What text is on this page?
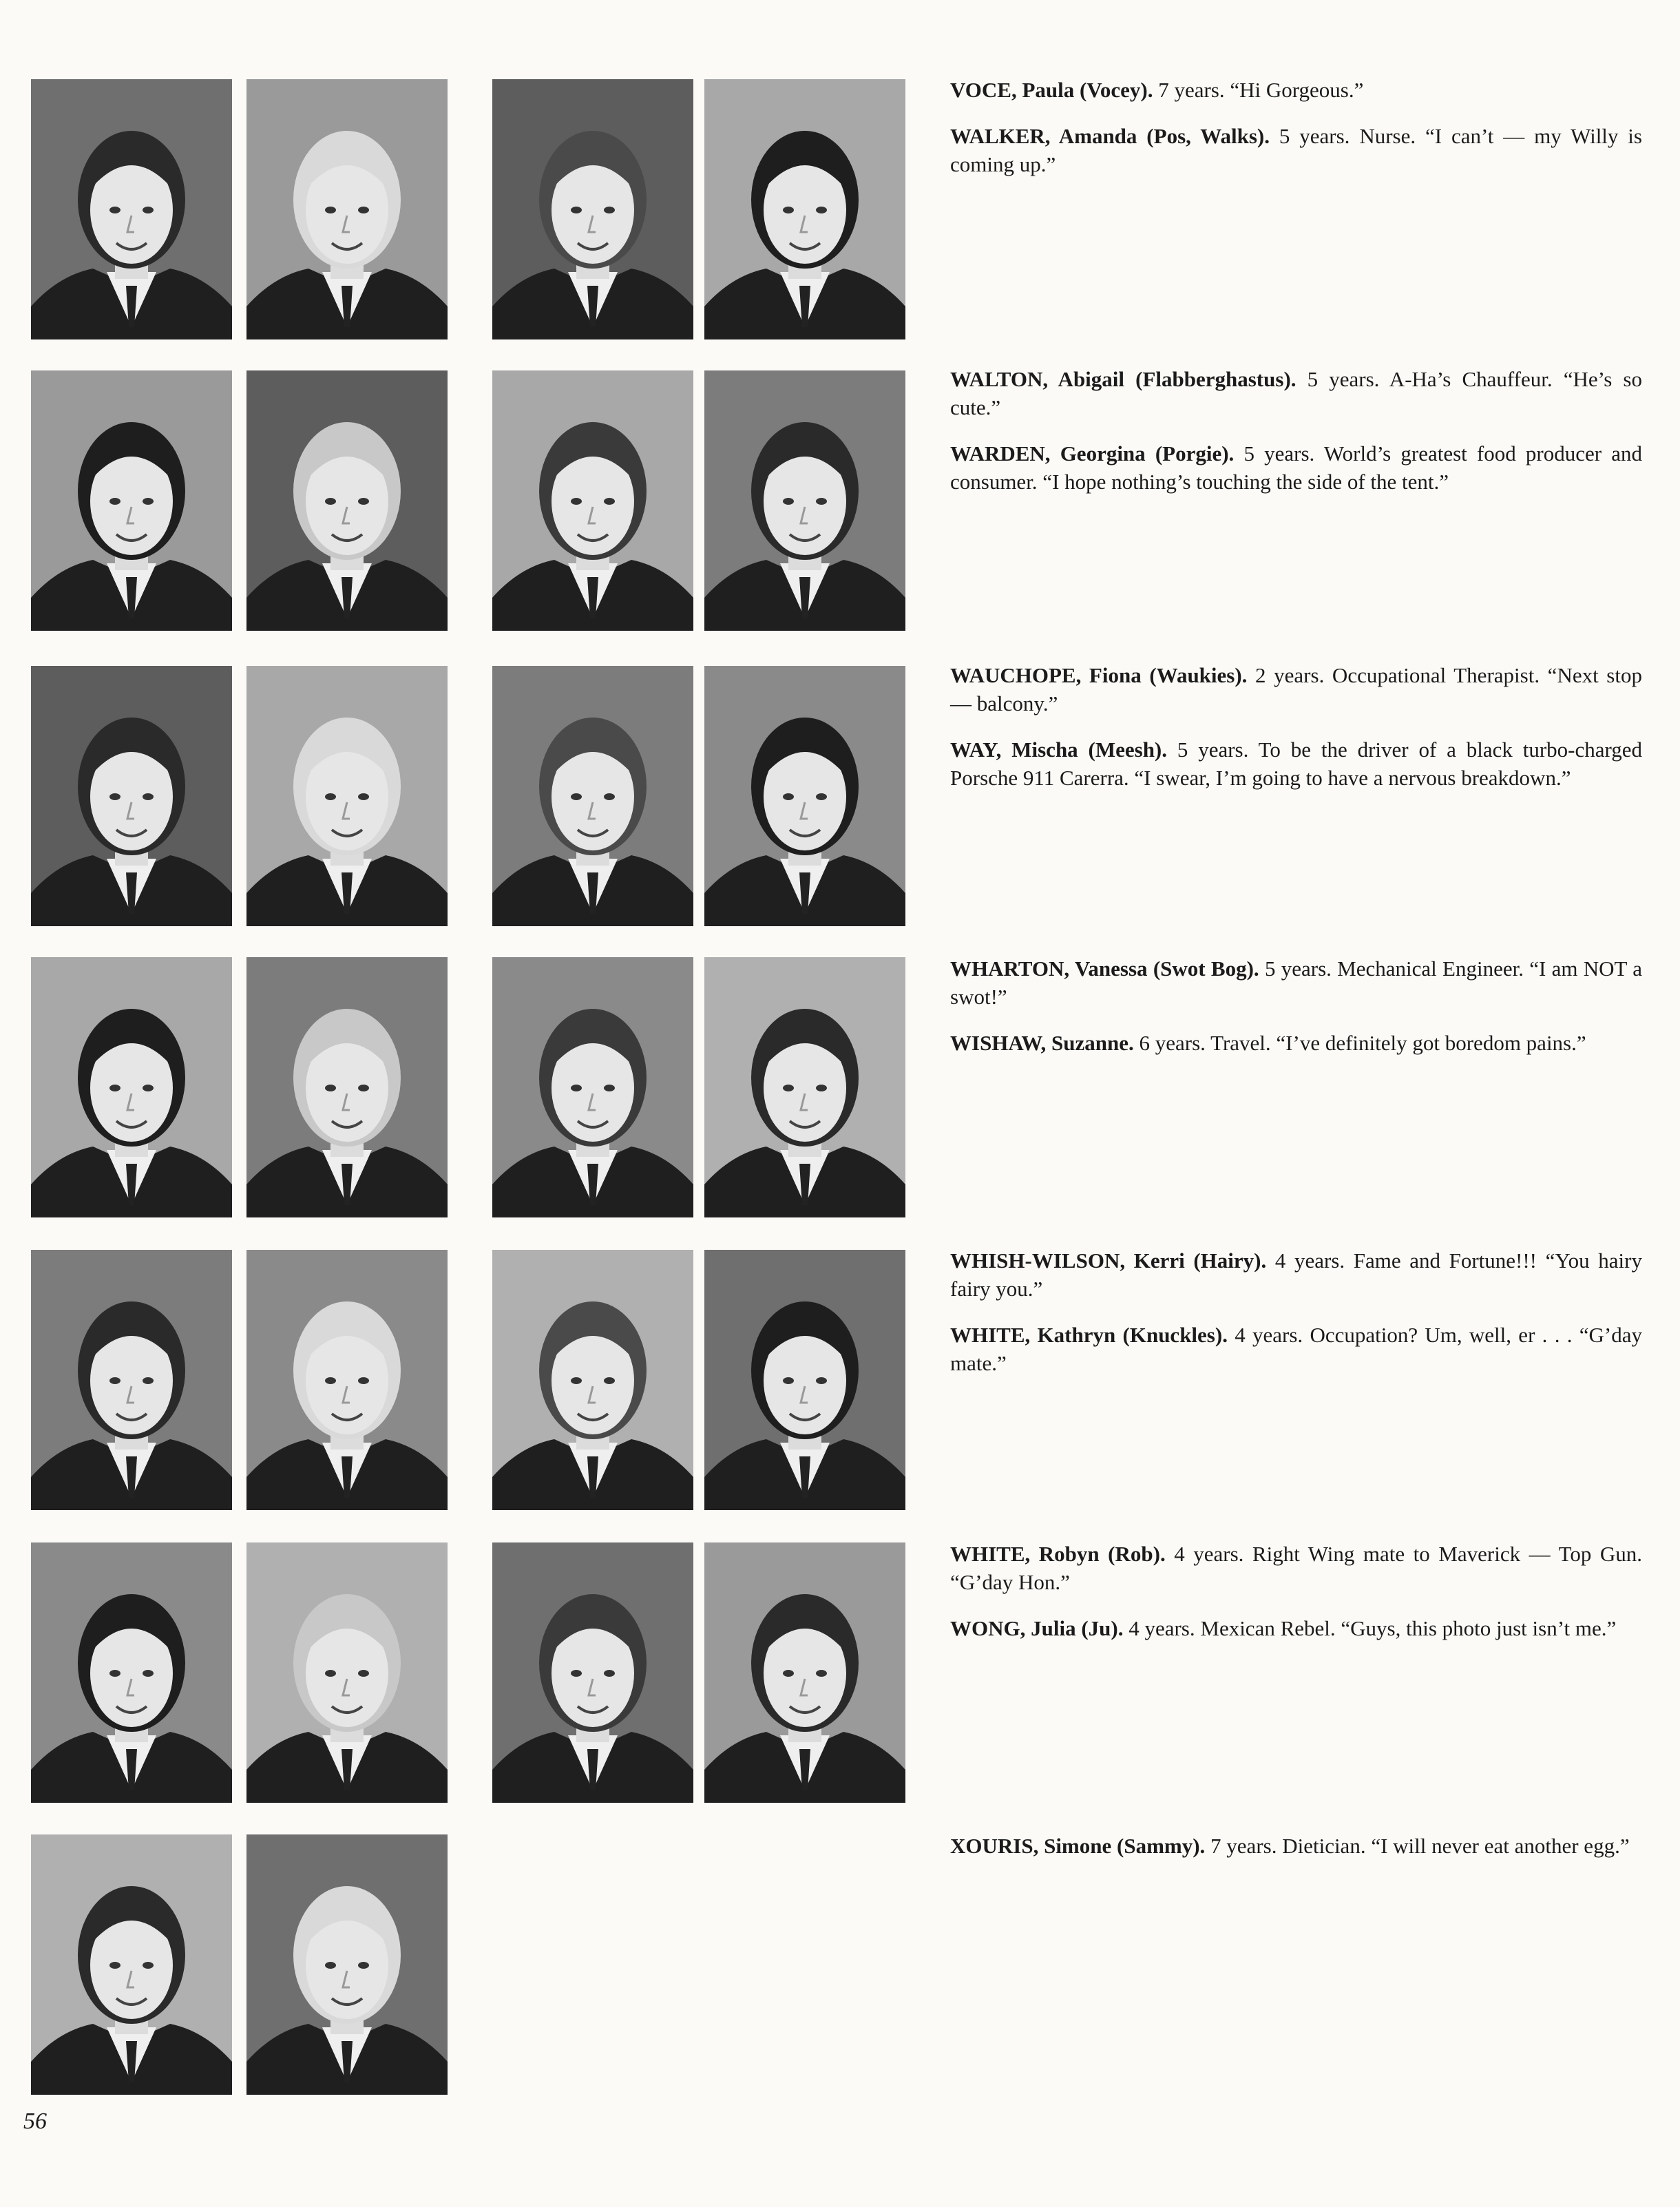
VOCE, Paula (Vocey). 7 years. “Hi Gorgeous.”

WALKER, Amanda (Pos, Walks). 5 years. Nurse. “I can’t — my Willy is coming up.”

WALTON, Abigail (Flabberghastus). 5 years. A-Ha’s Chauffeur. “He’s so cute.”

WARDEN, Georgina (Porgie). 5 years. World’s greatest food producer and consumer. “I hope nothing’s touching the side of the tent.”

WAUCHOPE, Fiona (Waukies). 2 years. Occupational Therapist. “Next stop — balcony.”

WAY, Mischa (Meesh). 5 years. To be the driver of a black turbo-charged Porsche 911 Carerra. “I swear, I’m going to have a nervous breakdown.”

WHARTON, Vanessa (Swot Bog). 5 years. Mechanical Engineer. “I am NOT a swot!”

WISHAW, Suzanne. 6 years. Travel. “I’ve definitely got boredom pains.”

WHISH-WILSON, Kerri (Hairy). 4 years. Fame and Fortune!!! “You hairy fairy you.”

WHITE, Kathryn (Knuckles). 4 years. Occupation? Um, well, er . . . “G’day mate.”

WHITE, Robyn (Rob). 4 years. Right Wing mate to Maverick — Top Gun. “G’day Hon.”

WONG, Julia (Ju). 4 years. Mexican Rebel. “Guys, this photo just isn’t me.”

XOURIS, Simone (Sammy). 7 years. Dietician. “I will never eat another egg.”

56
